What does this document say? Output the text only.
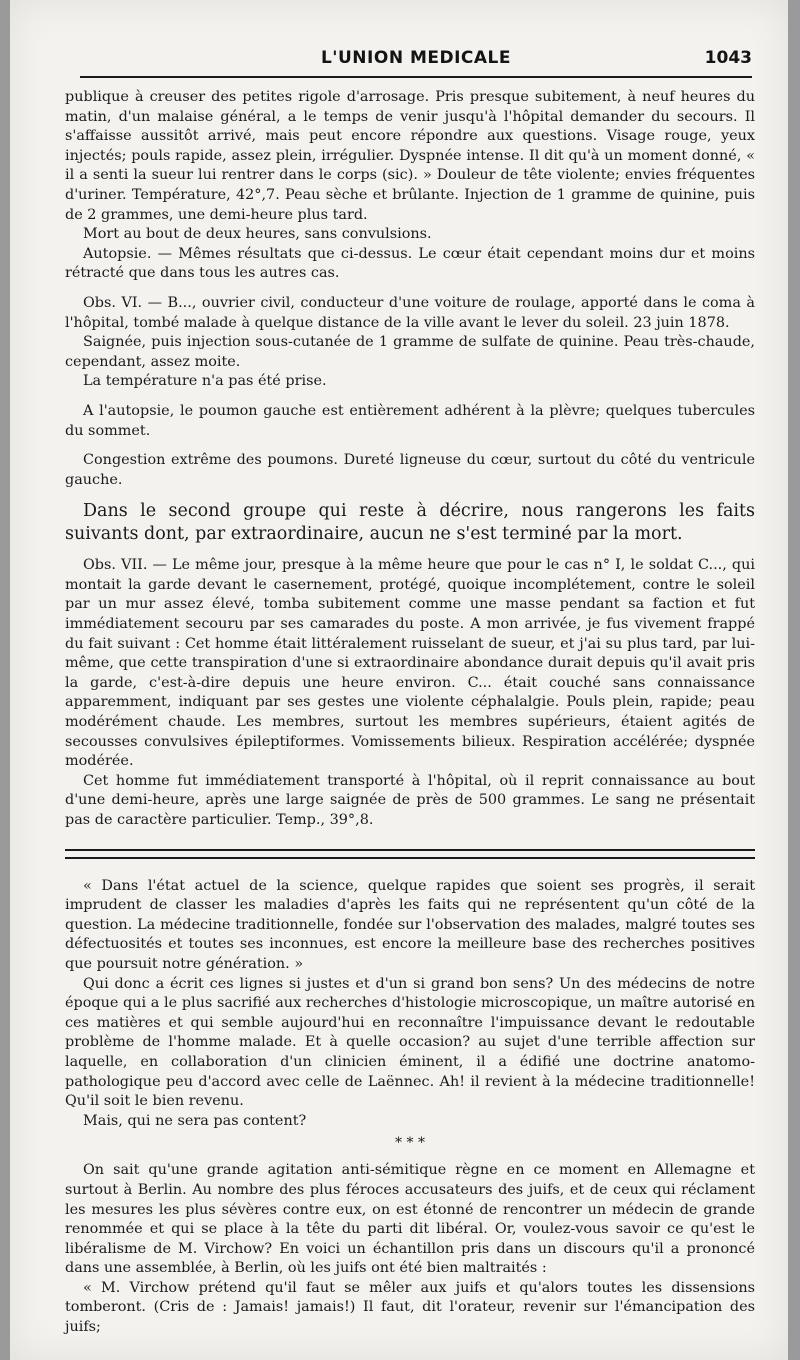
L'UNION MEDICALE	1043

publique à creuser des petites rigole d'arrosage. Pris presque subitement, à neuf heures du matin, d'un malaise général, a le temps de venir jusqu'à l'hôpital demander du secours. Il s'affaisse aussitôt arrivé, mais peut encore répondre aux questions. Visage rouge, yeux injectés; pouls rapide, assez plein, irrégulier. Dyspnée intense. Il dit qu'à un moment donné, « il a senti la sueur lui rentrer dans le corps (sic). » Douleur de tête violente; envies fréquentes d'uriner. Température, 42°,7. Peau sèche et brûlante. Injection de 1 gramme de quinine, puis de 2 grammes, une demi-heure plus tard.

Mort au bout de deux heures, sans convulsions.

Autopsie. — Mêmes résultats que ci-dessus. Le cœur était cependant moins dur et moins rétracté que dans tous les autres cas.

Obs. VI. — B..., ouvrier civil, conducteur d'une voiture de roulage, apporté dans le coma à l'hôpital, tombé malade à quelque distance de la ville avant le lever du soleil. 23 juin 1878.

Saignée, puis injection sous-cutanée de 1 gramme de sulfate de quinine. Peau très-chaude, cependant, assez moite.

La température n'a pas été prise.

A l'autopsie, le poumon gauche est entièrement adhérent à la plèvre; quelques tubercules du sommet.

Congestion extrême des poumons. Dureté ligneuse du cœur, surtout du côté du ventricule gauche.

Dans le second groupe qui reste à décrire, nous rangerons les faits suivants dont, par extraordinaire, aucun ne s'est terminé par la mort.

Obs. VII. — Le même jour, presque à la même heure que pour le cas n° I, le soldat C..., qui montait la garde devant le casernement, protégé, quoique incomplétement, contre le soleil par un mur assez élevé, tomba subitement comme une masse pendant sa faction et fut immédiatement secouru par ses camarades du poste. A mon arrivée, je fus vivement frappé du fait suivant : Cet homme était littéralement ruisselant de sueur, et j'ai su plus tard, par lui-même, que cette transpiration d'une si extraordinaire abondance durait depuis qu'il avait pris la garde, c'est-à-dire depuis une heure environ. C... était couché sans connaissance apparemment, indiquant par ses gestes une violente céphalalgie. Pouls plein, rapide; peau modérément chaude. Les membres, surtout les membres supérieurs, étaient agités de secousses convulsives épileptiformes. Vomissements bilieux. Respiration accélérée; dyspnée modérée.

Cet homme fut immédiatement transporté à l'hôpital, où il reprit connaissance au bout d'une demi-heure, après une large saignée de près de 500 grammes. Le sang ne présentait pas de caractère particulier. Temp., 39°,8.

« Dans l'état actuel de la science, quelque rapides que soient ses progrès, il serait imprudent de classer les maladies d'après les faits qui ne représentent qu'un côté de la question. La médecine traditionnelle, fondée sur l'observation des malades, malgré toutes ses défectuosités et toutes ses inconnues, est encore la meilleure base des recherches positives que poursuit notre génération. »

Qui donc a écrit ces lignes si justes et d'un si grand bon sens? Un des médecins de notre époque qui a le plus sacrifié aux recherches d'histologie microscopique, un maître autorisé en ces matières et qui semble aujourd'hui en reconnaître l'impuissance devant le redoutable problème de l'homme malade. Et à quelle occasion? au sujet d'une terrible affection sur laquelle, en collaboration d'un clinicien éminent, il a édifié une doctrine anatomo-pathologique peu d'accord avec celle de Laënnec. Ah! il revient à la médecine traditionnelle! Qu'il soit le bien revenu.

Mais, qui ne sera pas content?

* * *

On sait qu'une grande agitation anti-sémitique règne en ce moment en Allemagne et surtout à Berlin. Au nombre des plus féroces accusateurs des juifs, et de ceux qui réclament les mesures les plus sévères contre eux, on est étonné de rencontrer un médecin de grande renommée et qui se place à la tête du parti dit libéral. Or, voulez-vous savoir ce qu'est le libéralisme de M. Virchow? En voici un échantillon pris dans un discours qu'il a prononcé dans une assemblée, à Berlin, où les juifs ont été bien maltraités :

« M. Virchow prétend qu'il faut se mêler aux juifs et qu'alors toutes les dissensions tomberont. (Cris de : Jamais! jamais!) Il faut, dit l'orateur, revenir sur l'émancipation des juifs;
